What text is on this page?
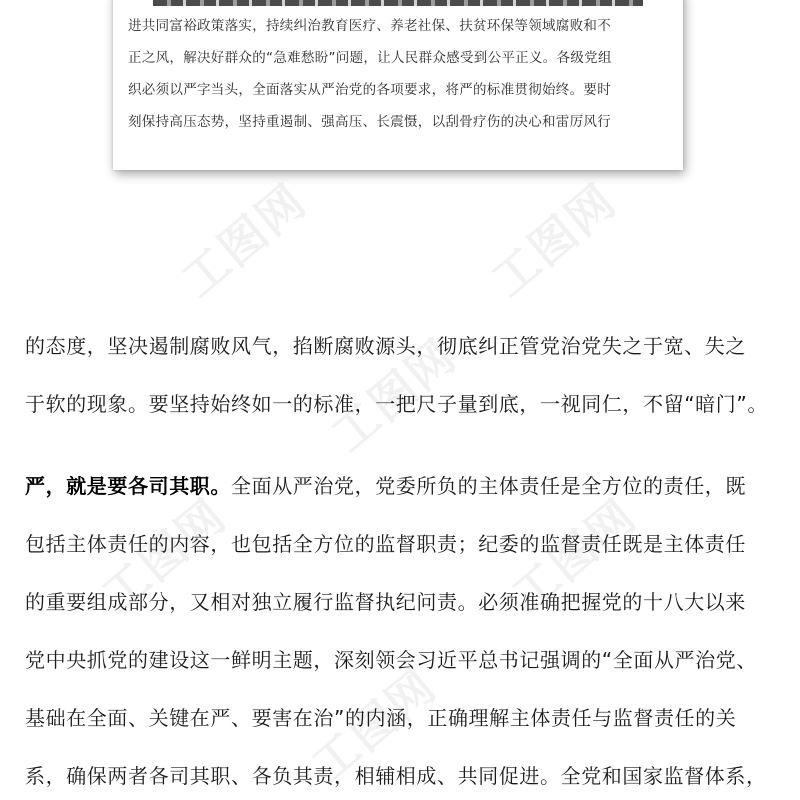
工图网	工图网
工图网
工图网	工图网
工图网
进共同富裕政策落实，持续纠治教育医疗、养老社保、扶贫环保等领域腐败和不
正之风，解决好群众的“急难愁盼”问题，让人民群众感受到公平正义。各级党组
织必须以严字当头，全面落实从严治党的各项要求，将严的标准贯彻始终。要时
刻保持高压态势，坚持重遏制、强高压、长震慑，以刮骨疗伤的决心和雷厉风行
的态度，坚决遏制腐败风气，掐断腐败源头，彻底纠正管党治党失之于宽、失之
于软的现象。要坚持始终如一的标准，一把尺子量到底，一视同仁，不留“暗门”。
严，就是要各司其职。全面从严治党，党委所负的主体责任是全方位的责任，既
包括主体责任的内容，也包括全方位的监督职责；纪委的监督责任既是主体责任
的重要组成部分，又相对独立履行监督执纪问责。必须准确把握党的十八大以来
党中央抓党的建设这一鲜明主题，深刻领会习近平总书记强调的“全面从严治党、
基础在全面、关键在严、要害在治”的内涵，正确理解主体责任与监督责任的关
系，确保两者各司其职、各负其责，相辅相成、共同促进。全党和国家监督体系，
